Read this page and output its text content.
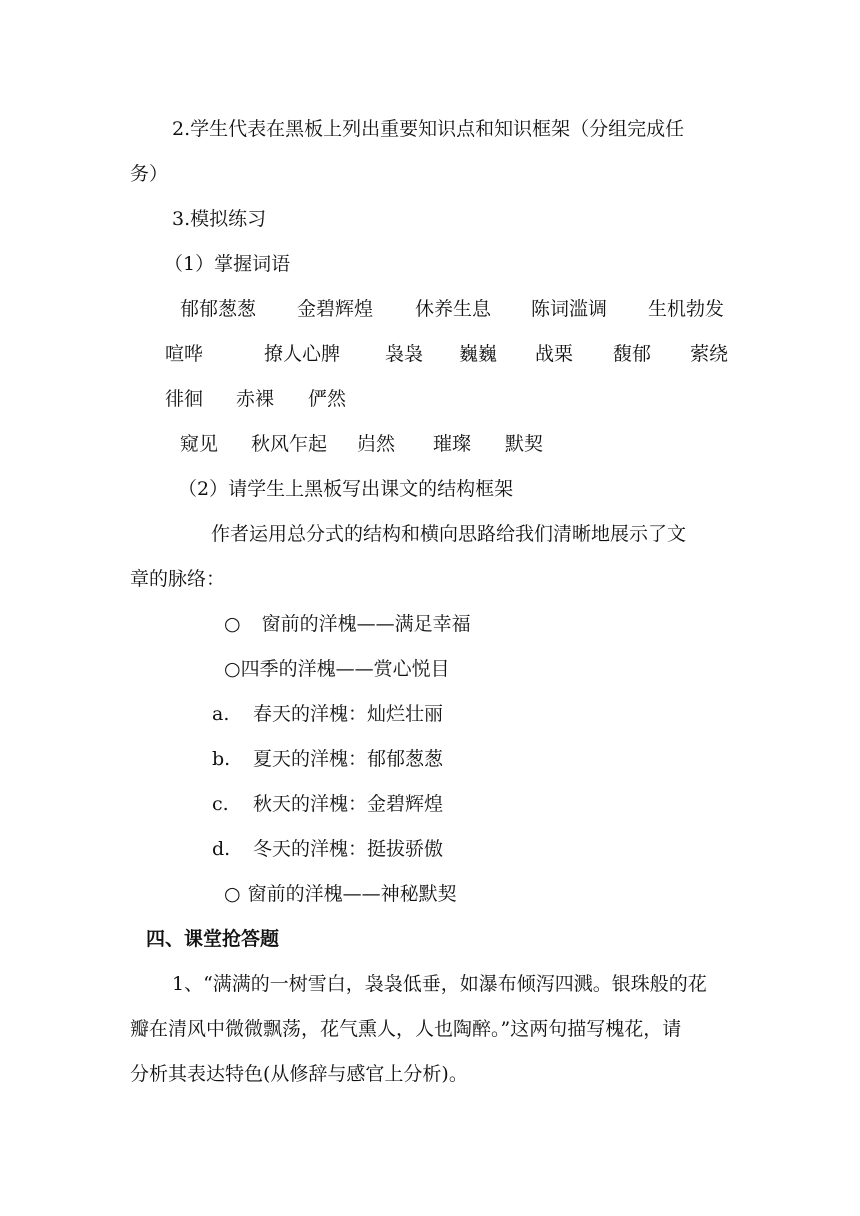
2.学生代表在黑板上列出重要知识点和知识框架（分组完成任
务）
3.模拟练习
（1）掌握词语
郁郁葱葱 金碧辉煌 休养生息 陈词滥调 生机勃发
喧哗	撩人心脾 袅袅 巍巍 战栗 馥郁 萦绕
徘徊 赤裸 俨然
窥见 秋风乍起 岿然 璀璨 默契
（2）请学生上黑板写出课文的结构框架
作者运用总分式的结构和横向思路给我们清晰地展示了文
章的脉络：
○ 窗前的洋槐——满足幸福
○四季的洋槐——赏心悦目
a. 春天的洋槐：灿烂壮丽
b. 夏天的洋槐：郁郁葱葱
c. 秋天的洋槐：金碧辉煌
d. 冬天的洋槐：挺拔骄傲
○ 窗前的洋槐——神秘默契
四、课堂抢答题
1、“满满的一树雪白，袅袅低垂，如瀑布倾泻四溅。银珠般的花
瓣在清风中微微飘荡，花气熏人，人也陶醉。”这两句描写槐花，请
分析其表达特色(从修辞与感官上分析)。
